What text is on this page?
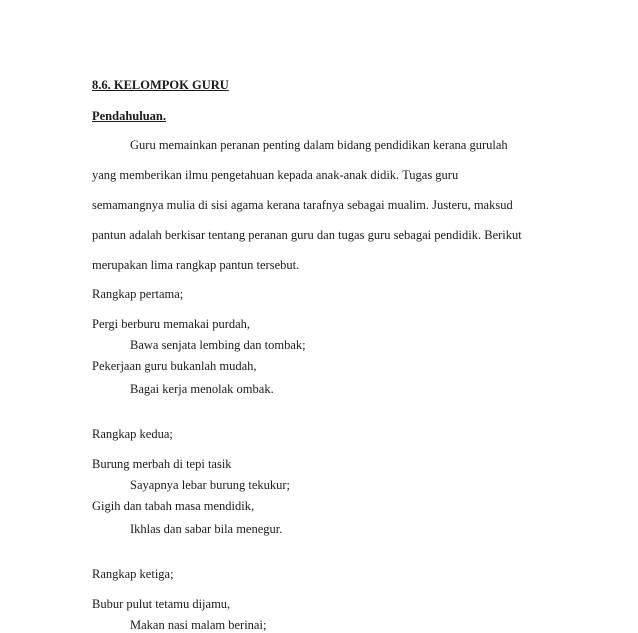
8.6. KELOMPOK GURU
Pendahuluan.
Guru memainkan peranan penting dalam bidang pendidikan kerana gurulah
yang memberikan ilmu pengetahuan kepada anak-anak didik. Tugas guru
semamangnya mulia di sisi agama kerana tarafnya sebagai mualim. Justeru, maksud
pantun adalah berkisar tentang peranan guru dan tugas guru sebagai pendidik. Berikut
merupakan lima rangkap pantun tersebut.
Rangkap pertama;
Pergi berburu memakai purdah,
Bawa senjata lembing dan tombak;
Pekerjaan guru bukanlah mudah,
Bagai kerja menolak ombak.
Rangkap kedua;
Burung merbah di tepi tasik
Sayapnya lebar burung tekukur;
Gigih dan tabah masa mendidik,
Ikhlas dan sabar bila menegur.
Rangkap ketiga;
Bubur pulut tetamu dijamu,
Makan nasi malam berinai;
